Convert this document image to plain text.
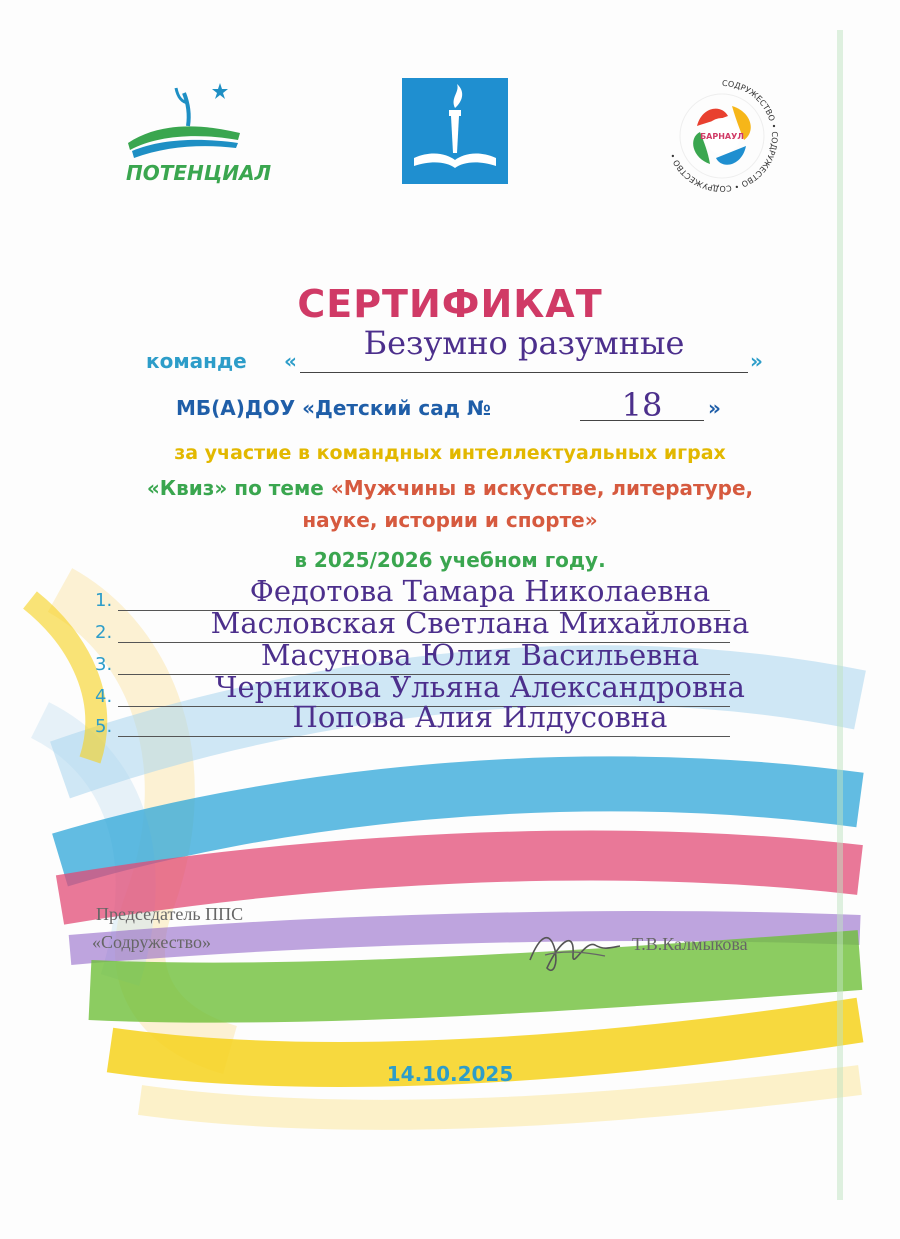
ПОТЕНЦИАЛ
БАРНАУЛ
СОДРУЖЕСТВО • СОДРУЖЕСТВО • СОДРУЖЕСТВО •
СЕРТИФИКАТ
команде «	Безумно разумные	»
МБ(А)ДОУ «Детский сад №	18	»
за участие в командных интеллектуальных играх
«Квиз» по теме «Мужчины в искусстве, литературе,
науке, истории и спорте»
в 2025/2026 учебном году.
1.	Федотова Тамара Николаевна
2.	Масловская Светлана Михайловна
3.	Масунова Юлия Васильевна
4.	Черникова Ульяна Александровна
5.	Попова Алия Илдусовна
Председатель ППС
«Содружество»	Т.В.Калмыкова
14.10.2025
